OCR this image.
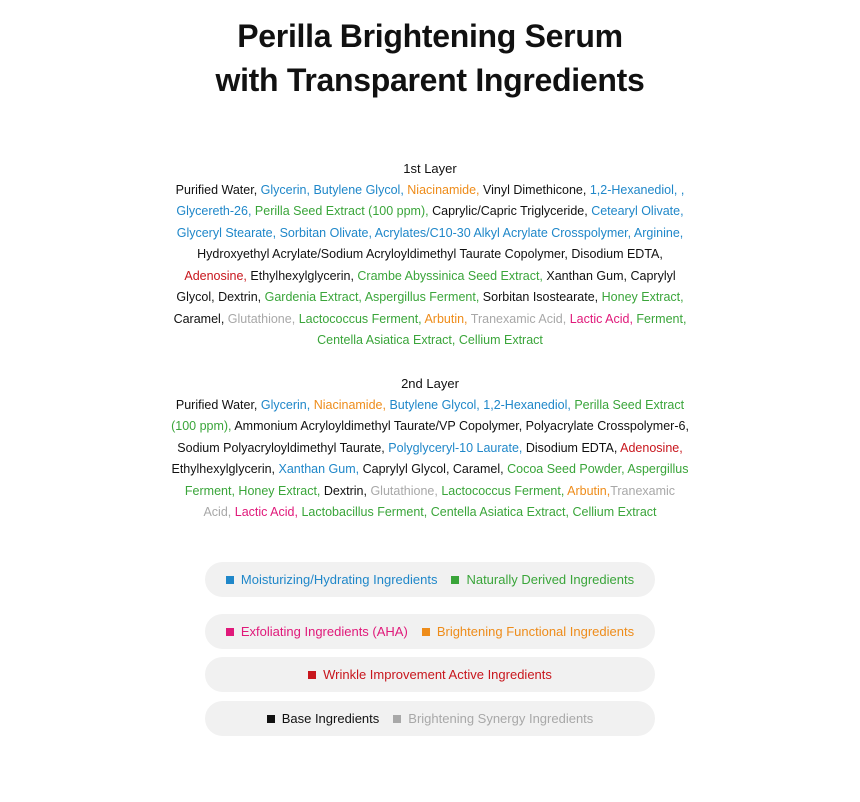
Perilla Brightening Serum
with Transparent Ingredients
1st Layer
Purified Water, Glycerin, Butylene Glycol, Niacinamide, Vinyl Dimethicone, 1,2-Hexanediol, , Glycereth-26, Perilla Seed Extract (100 ppm), Caprylic/Capric Triglyceride, Cetearyl Olivate, Glyceryl Stearate, Sorbitan Olivate, Acrylates/C10-30 Alkyl Acrylate Crosspolymer, Arginine, Hydroxyethyl Acrylate/Sodium Acryloyldimethyl Taurate Copolymer, Disodium EDTA, Adenosine, Ethylhexylglycerin, Crambe Abyssinica Seed Extract, Xanthan Gum, Caprylyl Glycol, Dextrin, Gardenia Extract, Aspergillus Ferment, Sorbitan Isostearate, Honey Extract, Caramel, Glutathione, Lactococcus Ferment, Arbutin, Tranexamic Acid, Lactic Acid, Ferment, Centella Asiatica Extract, Cellium Extract
2nd Layer
Purified Water, Glycerin, Niacinamide, Butylene Glycol, 1,2-Hexanediol, Perilla Seed Extract (100 ppm), Ammonium Acryloyldimethyl Taurate/VP Copolymer, Polyacrylate Crosspolymer-6, Sodium Polyacryloyldimethyl Taurate, Polyglyceryl-10 Laurate, Disodium EDTA, Adenosine, Ethylhexylglycerin, Xanthan Gum, Caprylyl Glycol, Caramel, Cocoa Seed Powder, Aspergillus Ferment, Honey Extract, Dextrin, Glutathione, Lactococcus Ferment, Arbutin,Tranexamic Acid, Lactic Acid, Lactobacillus Ferment, Centella Asiatica Extract, Cellium Extract
Moisturizing/Hydrating Ingredients Naturally Derived Ingredients
Exfoliating Ingredients (AHA) Brightening Functional Ingredients
Wrinkle Improvement Active Ingredients
Base Ingredients Brightening Synergy Ingredients
